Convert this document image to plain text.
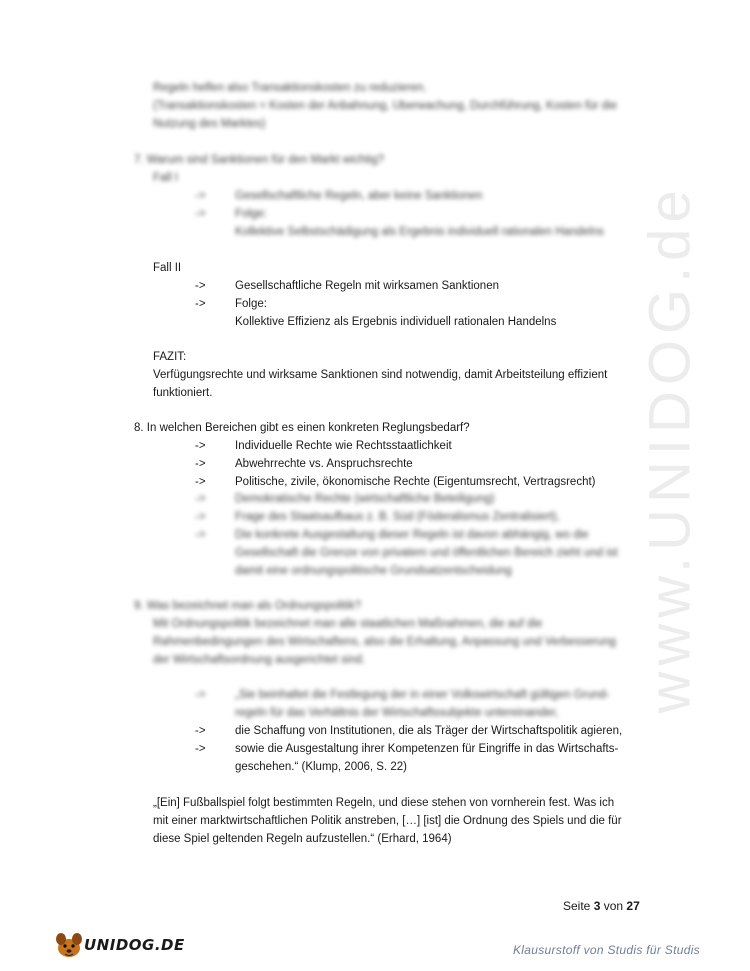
www.UNIDOG.de
Regeln helfen also Transaktionskosten zu reduzieren.
(Transaktionskosten = Kosten der Anbahnung, Überwachung, Durchführung, Kosten für die
Nutzung des Marktes)
7. Warum sind Sanktionen für den Markt wichtig?
Fall I
->	Gesellschaftliche Regeln, aber keine Sanktionen
->	Folge:
Kollektive Selbstschädigung als Ergebnis individuell rationalen Handelns
Fall II
->	Gesellschaftliche Regeln mit wirksamen Sanktionen
->	Folge:
Kollektive Effizienz als Ergebnis individuell rationalen Handelns
FAZIT:
Verfügungsrechte und wirksame Sanktionen sind notwendig, damit Arbeitsteilung effizient
funktioniert.
8. In welchen Bereichen gibt es einen konkreten Reglungsbedarf?
->	Individuelle Rechte wie Rechtsstaatlichkeit
->	Abwehrrechte vs. Anspruchsrechte
->	Politische, zivile, ökonomische Rechte (Eigentumsrecht, Vertragsrecht)
->	Demokratische Rechte (wirtschaftliche Beteiligung)
->	Frage des Staatsaufbaus z. B. Süd (Föderalismus Zentralisiert),
->	Die konkrete Ausgestaltung dieser Regeln ist davon abhängig, wo die
Gesellschaft die Grenze von privatem und öffentlichen Bereich zieht und ist
damit eine ordnungspolitische Grundsatzentscheidung
9. Was bezeichnet man als Ordnungspolitik?
Mit Ordnungspolitik bezeichnet man alle staatlichen Maßnahmen, die auf die
Rahmenbedingungen des Wirtschaftens, also die Erhaltung, Anpassung und Verbesserung
der Wirtschaftsordnung ausgerichtet sind.
->	„Sie beinhaltet die Festlegung der in einer Volkswirtschaft gültigen Grund-
regeln für das Verhältnis der Wirtschaftssubjekte untereinander,
->	die Schaffung von Institutionen, die als Träger der Wirtschaftspolitik agieren,
->	sowie die Ausgestaltung ihrer Kompetenzen für Eingriffe in das Wirtschafts-
geschehen.“ (Klump, 2006, S. 22)
„[Ein] Fußballspiel folgt bestimmten Regeln, und diese stehen von vornherein fest. Was ich
mit einer marktwirtschaftlichen Politik anstreben, […] [ist] die Ordnung des Spiels und die für
diese Spiel geltenden Regeln aufzustellen.“ (Erhard, 1964)
Seite 3 von 27
UNIDOG.DE	Klausurstoff von Studis für Studis
